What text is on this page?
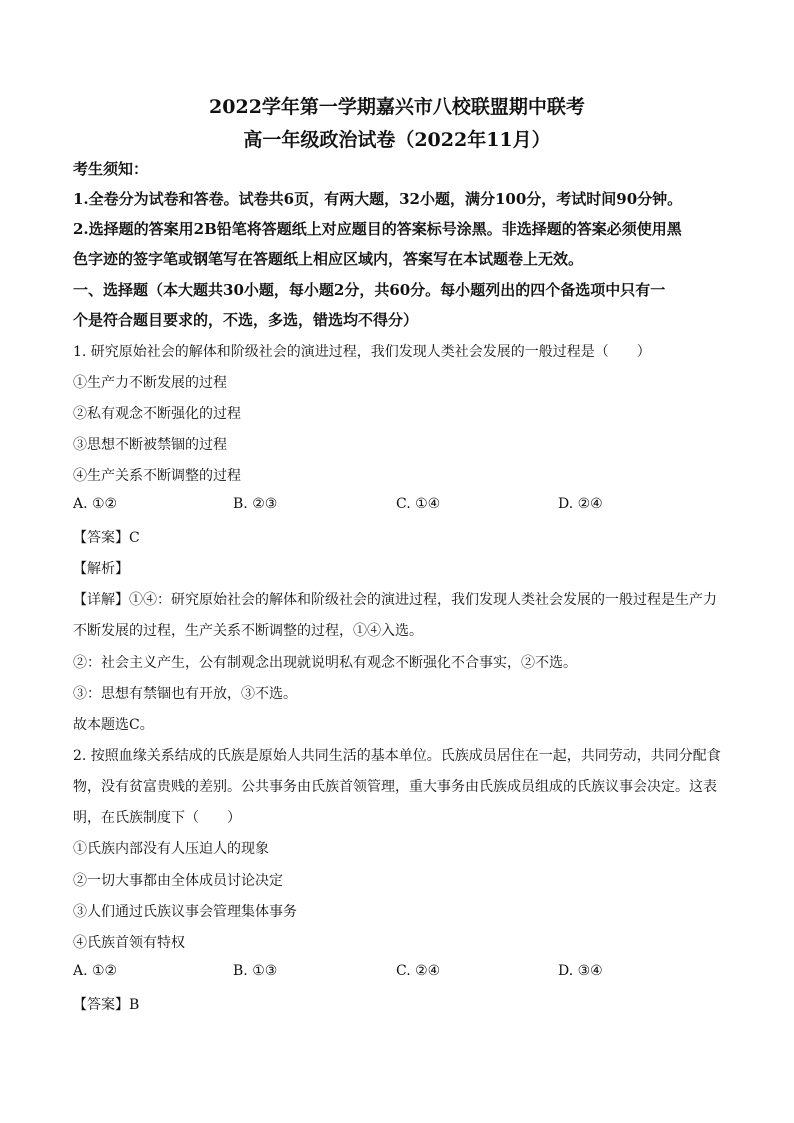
2022学年第一学期嘉兴市八校联盟期中联考
高一年级政治试卷（2022年11月）
考生须知：
1.全卷分为试卷和答卷。试卷共6页，有两大题，32小题，满分100分，考试时间90分钟。
2.选择题的答案用2B铅笔将答题纸上对应题目的答案标号涂黑。非选择题的答案必须使用黑
色字迹的签字笔或钢笔写在答题纸上相应区域内，答案写在本试题卷上无效。
一、选择题（本大题共30小题，每小题2分，共60分。每小题列出的四个备选项中只有一
个是符合题目要求的，不选，多选，错选均不得分）
1. 研究原始社会的解体和阶级社会的演进过程，我们发现人类社会发展的一般过程是（　　）
①生产力不断发展的过程
②私有观念不断强化的过程
③思想不断被禁锢的过程
④生产关系不断调整的过程
A. ①②	B. ②③	C. ①④	D. ②④
【答案】C
【解析】
【详解】①④：研究原始社会的解体和阶级社会的演进过程，我们发现人类社会发展的一般过程是生产力
不断发展的过程，生产关系不断调整的过程，①④入选。
②：社会主义产生，公有制观念出现就说明私有观念不断强化不合事实，②不选。
③：思想有禁锢也有开放，③不选。
故本题选C。
2. 按照血缘关系结成的氏族是原始人共同生活的基本单位。氏族成员居住在一起，共同劳动，共同分配食
物，没有贫富贵贱的差别。公共事务由氏族首领管理，重大事务由氏族成员组成的氏族议事会决定。这表
明，在氏族制度下（　　）
①氏族内部没有人压迫人的现象
②一切大事都由全体成员讨论决定
③人们通过氏族议事会管理集体事务
④氏族首领有特权
A. ①②	B. ①③	C. ②④	D. ③④
【答案】B
